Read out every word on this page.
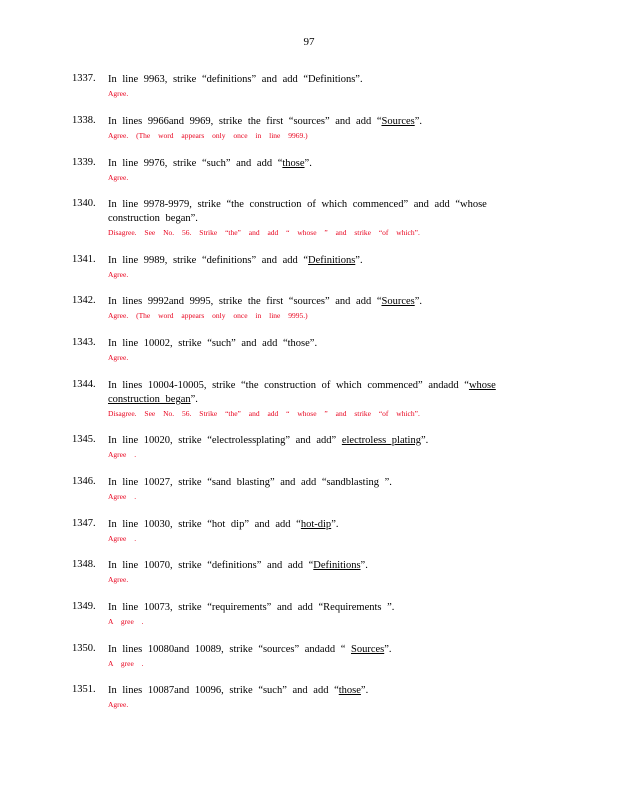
97
1337. In line 9963, strike “definitions” and add “Definitions”.
Agree.
1338. In lines 9966and 9969, strike the first “sources” and add “Sources”.
Agree. (The word appears only once in line 9969.)
1339. In line 9976, strike “such” and add “those”.
Agree.
1340. In line 9978-9979, strike “the construction of which commenced” and add “whose
construction began”.
Disagree. See No. 56. Strike “the” and add “ whose ” and strike “of which”.
1341. In line 9989, strike “definitions” and add “Definitions”.
Agree.
1342. In lines 9992and 9995, strike the first “sources” and add “Sources”.
Agree. (The word appears only once in line 9995.)
1343. In line 10002, strike “such” and add “those”.
Agree.
1344. In lines 10004-10005, strike “the construction of which commenced” andadd “whose
construction began”.
Disagree. See No. 56. Strike “the” and add “ whose ” and strike “of which”.
1345. In line 10020, strike “electrolessplating” and add” electroless plating”.
Agree .
1346. In line 10027, strike “sand blasting” and add “sandblasting ”.
Agree .
1347. In line 10030, strike “hot dip” and add “hot-dip”.
Agree .
1348. In line 10070, strike “definitions” and add “Definitions”.
Agree.
1349. In line 10073, strike “requirements” and add “Requirements ”.
A gree .
1350. In lines 10080and 10089, strike “sources” andadd “ Sources”.
A gree .
1351. In lines 10087and 10096, strike “such” and add “those”.
Agree.
